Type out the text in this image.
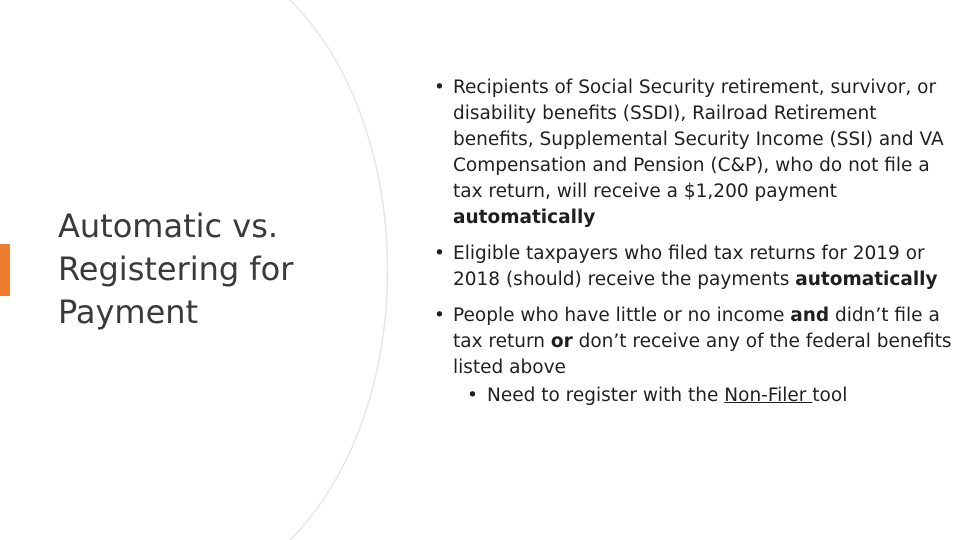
Automatic vs. Registering for Payment
• Recipients of Social Security retirement, survivor, or disability benefits (SSDI), Railroad Retirement benefits, Supplemental Security Income (SSI) and VA Compensation and Pension (C&P), who do not file a tax return, will receive a $1,200 payment automatically
• Eligible taxpayers who filed tax returns for 2019 or 2018 (should) receive the payments automatically
• People who have little or no income and didn’t file a tax return or don’t receive any of the federal benefits listed above
• Need to register with the Non-Filer tool
